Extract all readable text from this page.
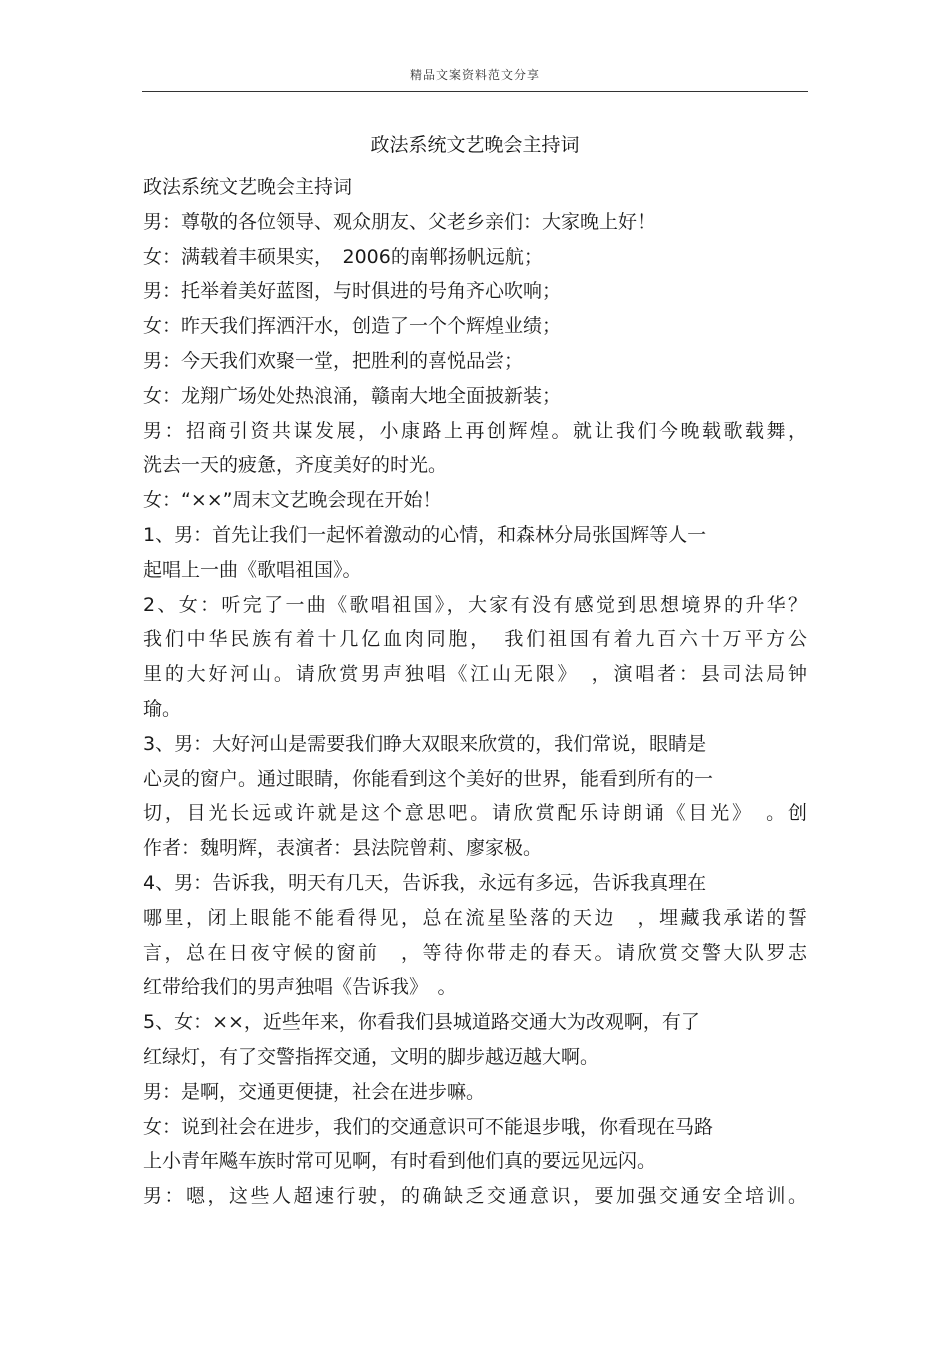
精品文案资料范文分享
政法系统文艺晚会主持词
政法系统文艺晚会主持词
男：尊敬的各位领导、观众朋友、父老乡亲们：大家晚上好！
女：满载着丰硕果实，　2006的南郸扬帆远航；
男：托举着美好蓝图，与时俱进的号角齐心吹响；
女：昨天我们挥洒汗水，创造了一个个辉煌业绩；
男：今天我们欢聚一堂，把胜利的喜悦品尝；
女：龙翔广场处处热浪涌，赣南大地全面披新装；
男：招商引资共谋发展，小康路上再创辉煌。就让我们今晚载歌载舞，
洗去一天的疲惫，齐度美好的时光。
女：“××”周末文艺晚会现在开始！
1、男：首先让我们一起怀着激动的心情，和森林分局张国辉等人一
起唱上一曲《歌唱祖国》。
2、女：听完了一曲《歌唱祖国》，大家有没有感觉到思想境界的升华？
我们中华民族有着十几亿血肉同胞，　我们祖国有着九百六十万平方公
里的大好河山。请欣赏男声独唱《江山无限》　，演唱者：县司法局钟
瑜。
3、男：大好河山是需要我们睁大双眼来欣赏的，我们常说，眼睛是
心灵的窗户。通过眼睛，你能看到这个美好的世界，能看到所有的一
切，目光长远或许就是这个意思吧。请欣赏配乐诗朗诵《目光》　。创
作者：魏明辉，表演者：县法院曾莉、廖家极。
4、男：告诉我，明天有几天，告诉我，永远有多远，告诉我真理在
哪里，闭上眼能不能看得见，总在流星坠落的天边　，埋藏我承诺的誓
言，总在日夜守候的窗前　，等待你带走的春天。请欣赏交警大队罗志
红带给我们的男声独唱《告诉我》　。
5、女：××，近些年来，你看我们县城道路交通大为改观啊，有了
红绿灯，有了交警指挥交通，文明的脚步越迈越大啊。
男：是啊，交通更便捷，社会在进步嘛。
女：说到社会在进步，我们的交通意识可不能退步哦，你看现在马路
上小青年飚车族时常可见啊，有时看到他们真的要远见远闪。
男：嗯，这些人超速行驶，的确缺乏交通意识，要加强交通安全培训。
